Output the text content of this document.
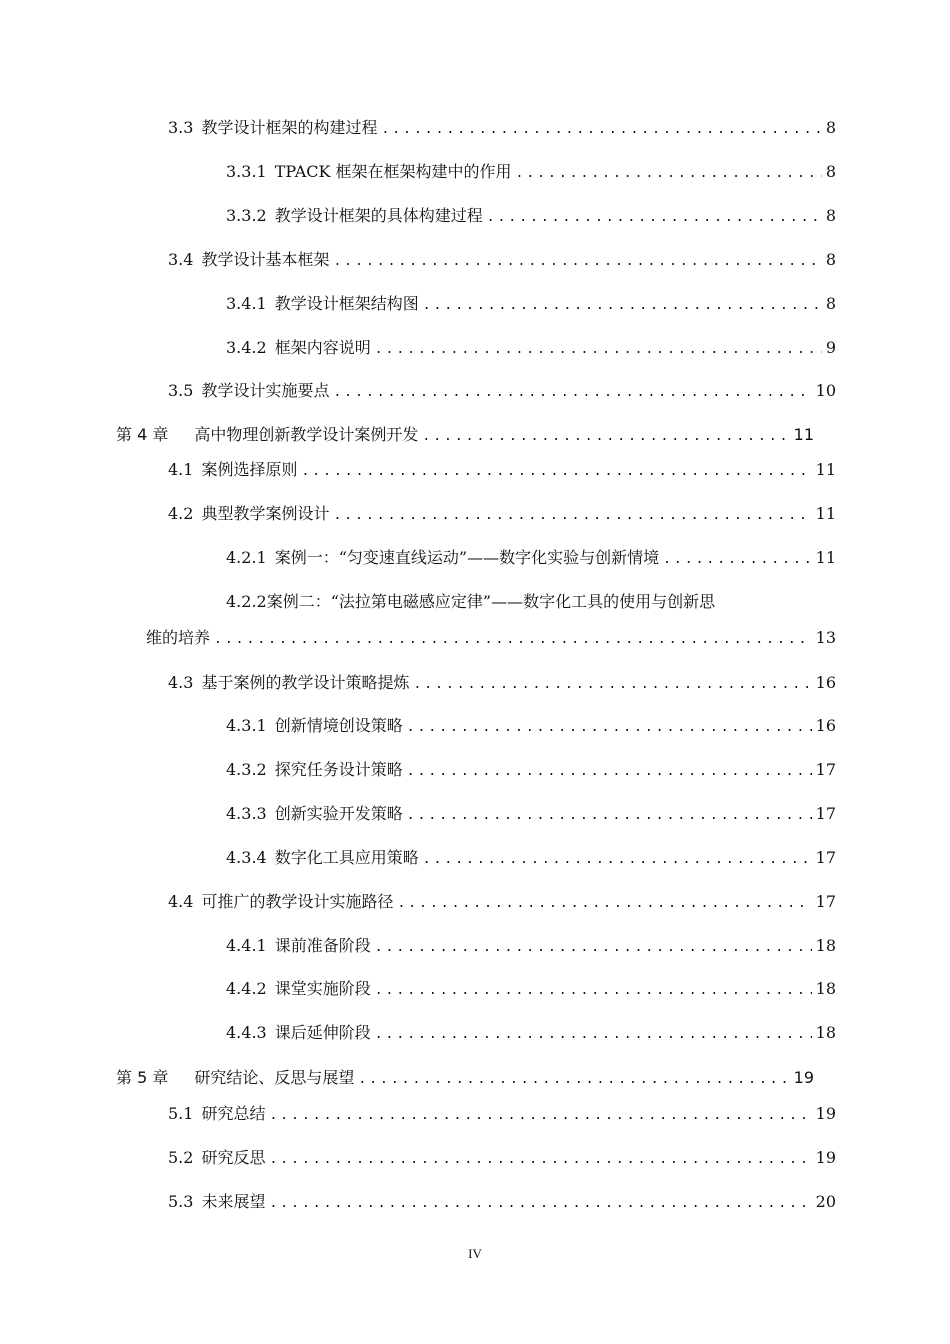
3.3 教学设计框架的构建过程 .....	8
3.3.1 TPACK 框架在框架构建中的作用 .....	8
3.3.2 教学设计框架的具体构建过程 .....	8
3.4 教学设计基本框架 .....	8
3.4.1 教学设计框架结构图 .....	8
3.4.2 框架内容说明 .....	9
3.5 教学设计实施要点 .....	10
第 4 章 高中物理创新教学设计案例开发 .....	11
4.1 案例选择原则 .....	11
4.2 典型教学案例设计 .....	11
4.2.1 案例一：“匀变速直线运动”——数字化实验与创新情境 .....	11
4.2.2案例二：“法拉第电磁感应定律”——数字化工具的使用与创新思
维的培养 .....	13
4.3 基于案例的教学设计策略提炼 .....	16
4.3.1 创新情境创设策略 .....	16
4.3.2 探究任务设计策略 .....	17
4.3.3 创新实验开发策略 .....	17
4.3.4 数字化工具应用策略 .....	17
4.4 可推广的教学设计实施路径 .....	17
4.4.1 课前准备阶段 .....	18
4.4.2 课堂实施阶段 .....	18
4.4.3 课后延伸阶段 .....	18
第 5 章 研究结论、反思与展望 .....	19
5.1 研究总结 .....	19
5.2 研究反思 .....	19
5.3 未来展望 .....	20
IV
